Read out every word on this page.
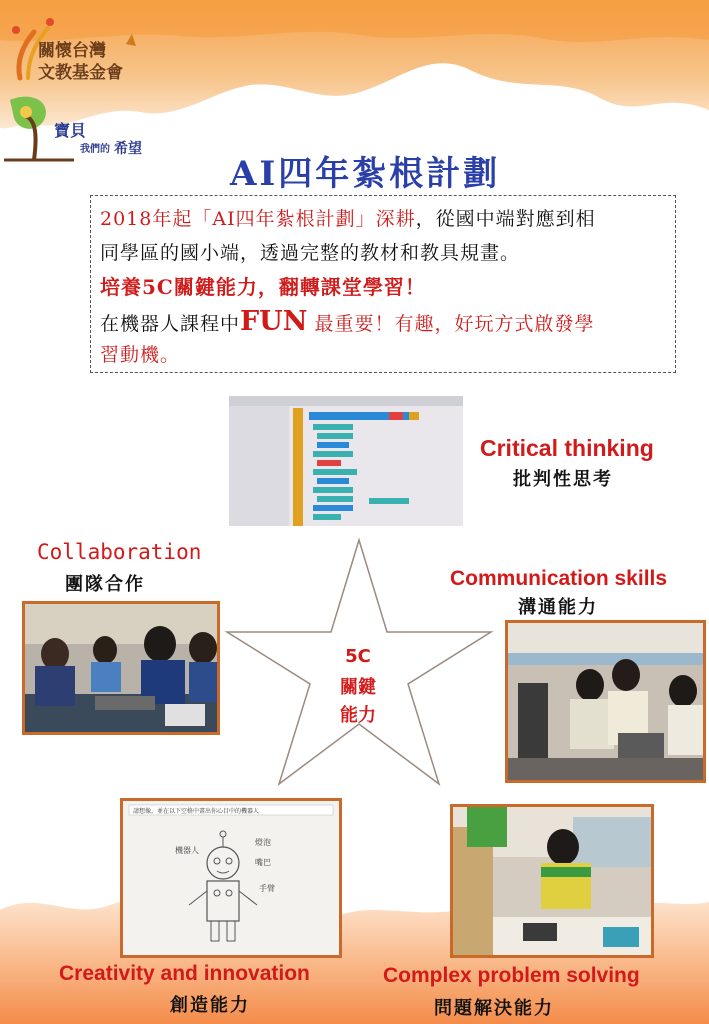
關懷台灣
文教基金會
寶貝
我們的 希望
AI四年紮根計劃
2018年起「AI四年紮根計劃」深耕，從國中端對應到相
同學區的國小端，透過完整的教材和教具規畫。
培養5C關鍵能力，翻轉課堂學習！
在機器人課程中FUN 最重要！有趣，好玩方式啟發學
習動機。
Critical thinking
批判性思考
Collaboration
團隊合作	Communication skills
溝通能力
5C
關鍵
能力
請想像，並在以下空格中畫出你心目中的機器人
機器人
燈泡
嘴巴
手臂
Creativity and innovation
創造能力
Complex problem solving
問題解決能力
